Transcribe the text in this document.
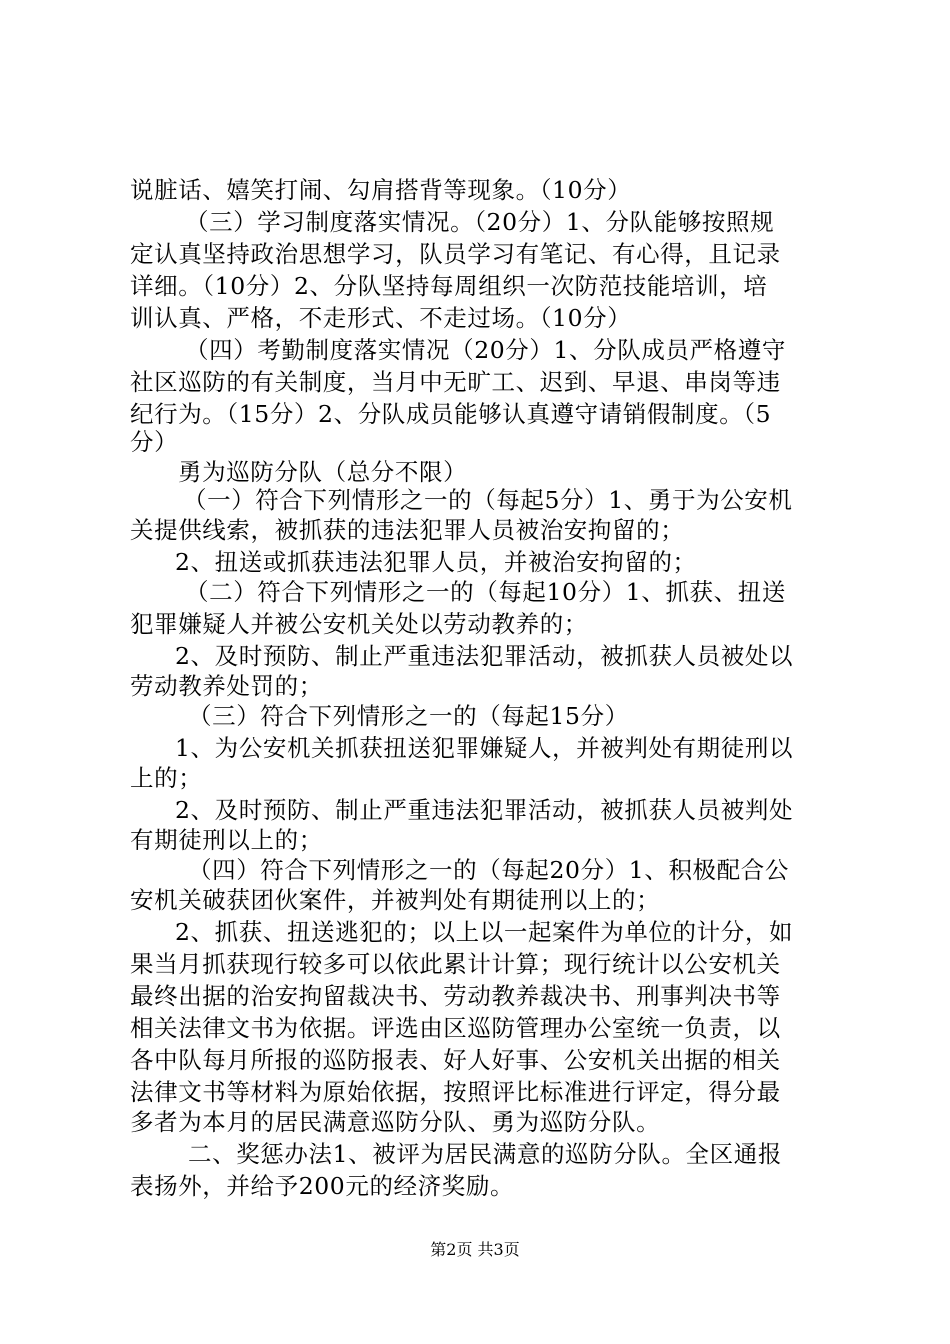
说脏话、嬉笑打闹、勾肩搭背等现象。（10分）
（三）学习制度落实情况。（20分）1、分队能够按照规
定认真坚持政治思想学习，队员学习有笔记、有心得，且记录
详细。（10分）2、分队坚持每周组织一次防范技能培训，培
训认真、严格，不走形式、不走过场。（10分）
（四）考勤制度落实情况（20分）1、分队成员严格遵守
社区巡防的有关制度，当月中无旷工、迟到、早退、串岗等违
纪行为。（15分）2、分队成员能够认真遵守请销假制度。（5
分）
勇为巡防分队（总分不限）
（一）符合下列情形之一的（每起5分）1、勇于为公安机
关提供线索，被抓获的违法犯罪人员被治安拘留的；
2、扭送或抓获违法犯罪人员，并被治安拘留的；
（二）符合下列情形之一的（每起10分）1、抓获、扭送
犯罪嫌疑人并被公安机关处以劳动教养的；
2、及时预防、制止严重违法犯罪活动，被抓获人员被处以
劳动教养处罚的；
（三）符合下列情形之一的（每起15分）
1、为公安机关抓获扭送犯罪嫌疑人，并被判处有期徒刑以
上的；
2、及时预防、制止严重违法犯罪活动，被抓获人员被判处
有期徒刑以上的；
（四）符合下列情形之一的（每起20分）1、积极配合公
安机关破获团伙案件，并被判处有期徒刑以上的；
2、抓获、扭送逃犯的；以上以一起案件为单位的计分，如
果当月抓获现行较多可以依此累计计算；现行统计以公安机关
最终出据的治安拘留裁决书、劳动教养裁决书、刑事判决书等
相关法律文书为依据。评选由区巡防管理办公室统一负责，以
各中队每月所报的巡防报表、好人好事、公安机关出据的相关
法律文书等材料为原始依据，按照评比标准进行评定，得分最
多者为本月的居民满意巡防分队、勇为巡防分队。
二、奖惩办法1、被评为居民满意的巡防分队。全区通报
表扬外，并给予200元的经济奖励。
第2页 共3页
